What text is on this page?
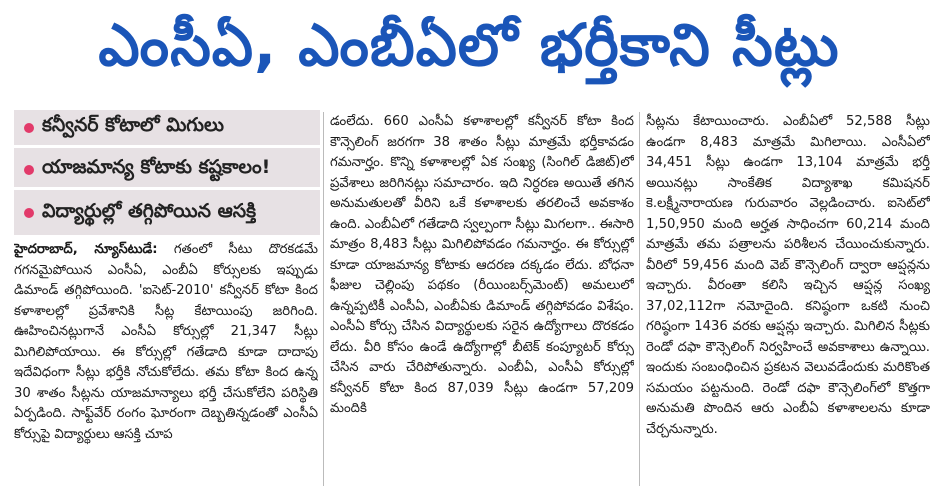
ఎంసీఏ, ఎంబీఏలో భర్తీకాని సీట్లు
కన్వీనర్ కోటాలో మిగులు
యాజమాన్య కోటాకు కష్టకాలం!
విద్యార్థుల్లో తగ్గిపోయిన ఆసక్తి
హైదరాబాద్, న్యూస్‌టుడే: గతంలో సీటు దొరకడమే గగనమైపోయిన ఎంసీఏ, ఎంబీఏ కోర్సులకు ఇప్పుడు డిమాండ్ తగ్గిపోయింది. 'ఐసెట్-2010' కన్వీనర్ కోటా కింద కళాశాలల్లో ప్రవేశానికి సీట్ల కేటాయింపు జరిగింది. ఊహించినట్లుగానే ఎంసీఏ కోర్సుల్లో 21,347 సీట్లు మిగిలిపోయాయి. ఈ కోర్సుల్లో గతేడాది కూడా దాదాపు ఇదేవిధంగా సీట్లు భర్తీకి నోచుకోలేదు. తమ కోటా కింద ఉన్న 30 శాతం సీట్లను యాజమాన్యాలు భర్తీ చేసుకోలేని పరిస్థితి ఏర్పడింది. సాఫ్ట్‌వేర్ రంగం ఘోరంగా దెబ్బతిన్నడంతో ఎంసీఏ కోర్సుపై విద్యార్థులు ఆసక్తి చూప
డంలేదు. 660 ఎంసీఏ కళాశాలల్లో కన్వీనర్ కోటా కింద కౌన్సెలింగ్ జరగగా 38 శాతం సీట్లు మాత్రమే భర్తీకావడం గమనార్హం. కొన్ని కళాశాలల్లో ఏక సంఖ్య (సింగిల్ డిజిట్)లో ప్రవేశాలు జరిగినట్లు సమాచారం. ఇది నిర్ధరణ అయితే తగిన అనుమతులతో వీరిని ఒకే కళాశాలకు తరలించే అవకాశం ఉంది. ఎంబీఏలో గతేడాది స్వల్పంగా సీట్లు మిగలగా.. ఈసారి మాత్రం 8,483 సీట్లు మిగిలిపోవడం గమనార్హం. ఈ కోర్సుల్లో కూడా యాజమాన్య కోటాకు ఆదరణ దక్కడం లేదు. బోధనా ఫీజుల చెల్లింపు పథకం (రీయింబర్స్‌మెంట్) అమలులో ఉన్నప్పటికీ ఎంసీఏ, ఎంబీఏకు డిమాండ్ తగ్గిపోవడం విశేషం. ఎంసీఏ కోర్సు చేసిన విద్యార్థులకు సరైన ఉద్యోగాలు దొరకడం లేదు. వీరి కోసం ఉండే ఉద్యోగాల్లో బీటెక్ కంప్యూటర్ కోర్సు చేసిన వారు చేరిపోతున్నారు. ఎంబీఏ, ఎంసీఏ కోర్సుల్లో కన్వీనర్ కోటా కింద 87,039 సీట్లు ఉండగా 57,209 మందికి
సీట్లను కేటాయించారు. ఎంబీఏలో 52,588 సీట్లు ఉండగా 8,483 మాత్రమే మిగిలాయి. ఎంసీఏలో 34,451 సీట్లు ఉండగా 13,104 మాత్రమే భర్తీ అయినట్లు సాంకేతిక విద్యాశాఖ కమిషనర్ కె.లక్ష్మీనారాయణ గురువారం వెల్లడించారు. ఐసెట్‌లో 1,50,950 మంది అర్హత సాధించగా 60,214 మంది మాత్రమే తమ పత్రాలను పరిశీలన చేయించుకున్నారు. వీరిలో 59,456 మంది వెబ్ కౌన్సెలింగ్ ద్వారా ఆప్షన్లను ఇచ్చారు. వీరంతా కలిసి ఇచ్చిన ఆప్షన్ల సంఖ్య 37,02,112గా నమోదైంది. కనిష్ఠంగా ఒకటి నుంచి గరిష్ఠంగా 1436 వరకు ఆప్షన్లు ఇచ్చారు. మిగిలిన సీట్లకు రెండో దఫా కౌన్సెలింగ్ నిర్వహించే అవకాశాలు ఉన్నాయి. ఇందుకు సంబంధించిన ప్రకటన వెలువడేందుకు మరికొంత సమయం పట్టనుంది. రెండో దఫా కౌన్సెలింగ్‌లో కొత్తగా అనుమతి పొందిన ఆరు ఎంబీఏ కళాశాలలను కూడా చేర్చనున్నారు.
